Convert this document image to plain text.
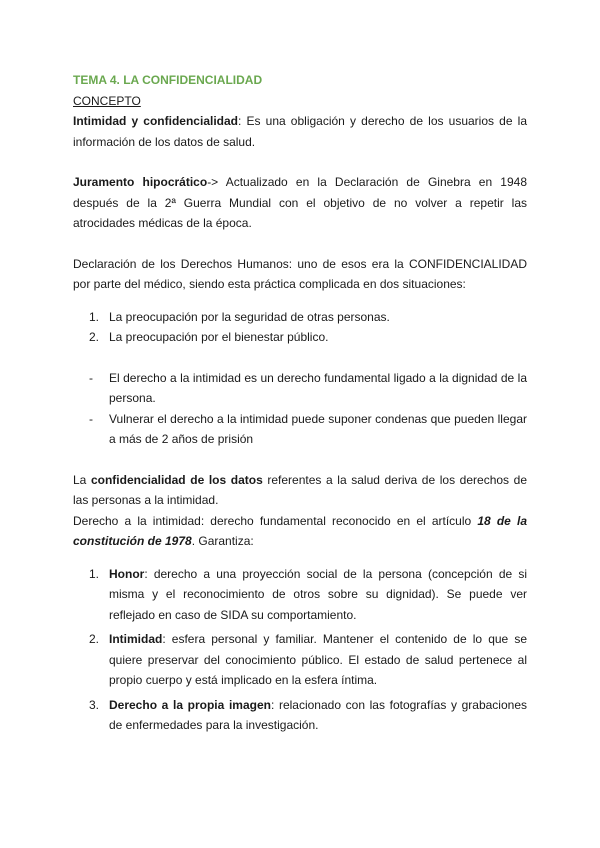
TEMA 4. LA CONFIDENCIALIDAD

CONCEPTO

Intimidad y confidencialidad: Es una obligación y derecho de los usuarios de la información de los datos de salud.

Juramento hipocrático-> Actualizado en la Declaración de Ginebra en 1948 después de la 2ª Guerra Mundial con el objetivo de no volver a repetir las atrocidades médicas de la época.

Declaración de los Derechos Humanos: uno de esos era la CONFIDENCIALIDAD por parte del médico, siendo esta práctica complicada en dos situaciones:

1. La preocupación por la seguridad de otras personas.
2. La preocupación por el bienestar público.
- El derecho a la intimidad es un derecho fundamental ligado a la dignidad de la persona.
- Vulnerar el derecho a la intimidad puede suponer condenas que pueden llegar a más de 2 años de prisión

La confidencialidad de los datos referentes a la salud deriva de los derechos de las personas a la intimidad.

Derecho a la intimidad: derecho fundamental reconocido en el artículo 18 de la constitución de 1978. Garantiza:

1. Honor: derecho a una proyección social de la persona (concepción de si misma y el reconocimiento de otros sobre su dignidad). Se puede ver reflejado en caso de SIDA su comportamiento.
2. Intimidad: esfera personal y familiar. Mantener el contenido de lo que se quiere preservar del conocimiento público. El estado de salud pertenece al propio cuerpo y está implicado en la esfera íntima.
3. Derecho a la propia imagen: relacionado con las fotografías y grabaciones de enfermedades para la investigación.
